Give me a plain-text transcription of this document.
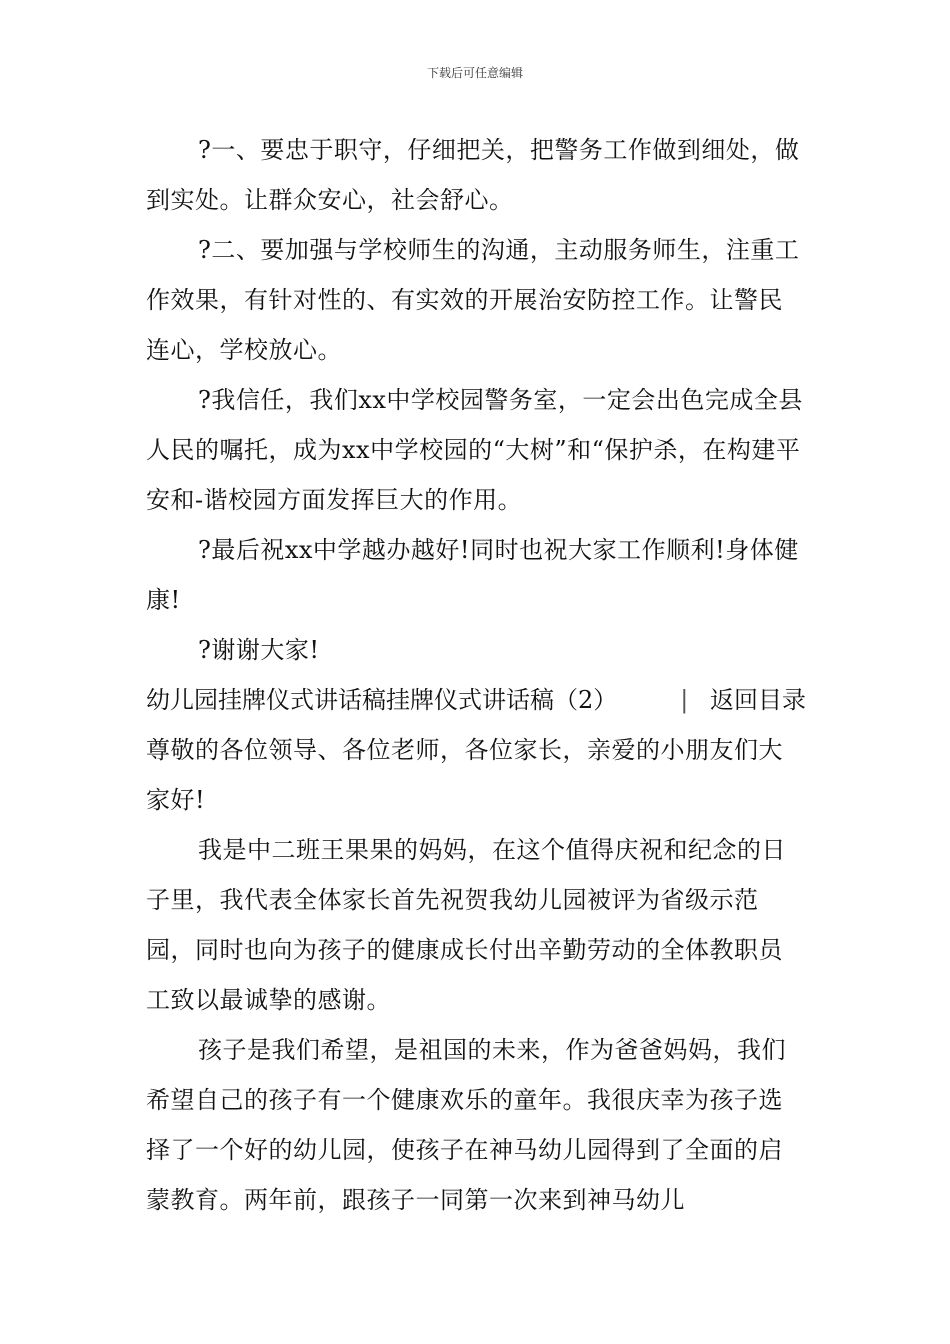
下载后可任意编辑

?一、要忠于职守，仔细把关，把警务工作做到细处，做到实处。让群众安心，社会舒心。

?二、要加强与学校师生的沟通，主动服务师生，注重工作效果，有针对性的、有实效的开展治安防控工作。让警民连心，学校放心。

?我信任，我们xx中学校园警务室，一定会出色完成全县人民的嘱托，成为xx中学校园的“大树”和“保护杀，在构建平安和-谐校园方面发挥巨大的作用。

?最后祝xx中学越办越好!同时也祝大家工作顺利!身体健康!

?谢谢大家!

幼儿园挂牌仪式讲话稿挂牌仪式讲话稿（2）	| 返回目录

尊敬的各位领导、各位老师，各位家长，亲爱的小朋友们大家好!

我是中二班王果果的妈妈，在这个值得庆祝和纪念的日子里，我代表全体家长首先祝贺我幼儿园被评为省级示范园，同时也向为孩子的健康成长付出辛勤劳动的全体教职员工致以最诚挚的感谢。

孩子是我们希望，是祖国的未来，作为爸爸妈妈，我们希望自己的孩子有一个健康欢乐的童年。我很庆幸为孩子选择了一个好的幼儿园，使孩子在神马幼儿园得到了全面的启蒙教育。两年前，跟孩子一同第一次来到神马幼儿
